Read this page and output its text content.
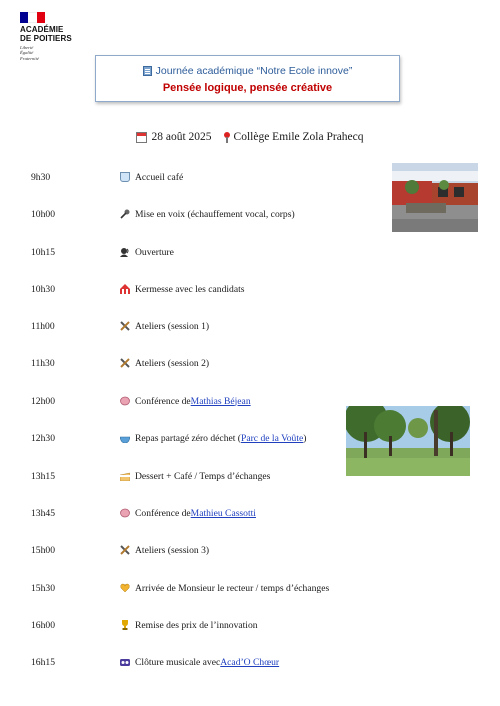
ACADÉMIE
DE POITIERS
Liberté
Égalité
Fraternité
Journée académique “Notre Ecole innove”
Pensée logique, pensée créative
28 août 2025 Collège Emile Zola Prahecq
9h30	Accueil café
10h00	Mise en voix (échauffement vocal, corps)
10h15	Ouverture
10h30	Kermesse avec les candidats
11h00	Ateliers (session 1)
11h30	Ateliers (session 2)
12h00	Conférence de Mathias Béjean
12h30	Repas partagé zéro déchet ( Parc de la Voûte )
13h15	Dessert + Café / Temps d’échanges
13h45	Conférence de Mathieu Cassotti
15h00	Ateliers (session 3)
15h30	Arrivée de Monsieur le recteur / temps d’échanges
16h00	Remise des prix de l’innovation
16h15	Clôture musicale avec Acad’O Chœur
